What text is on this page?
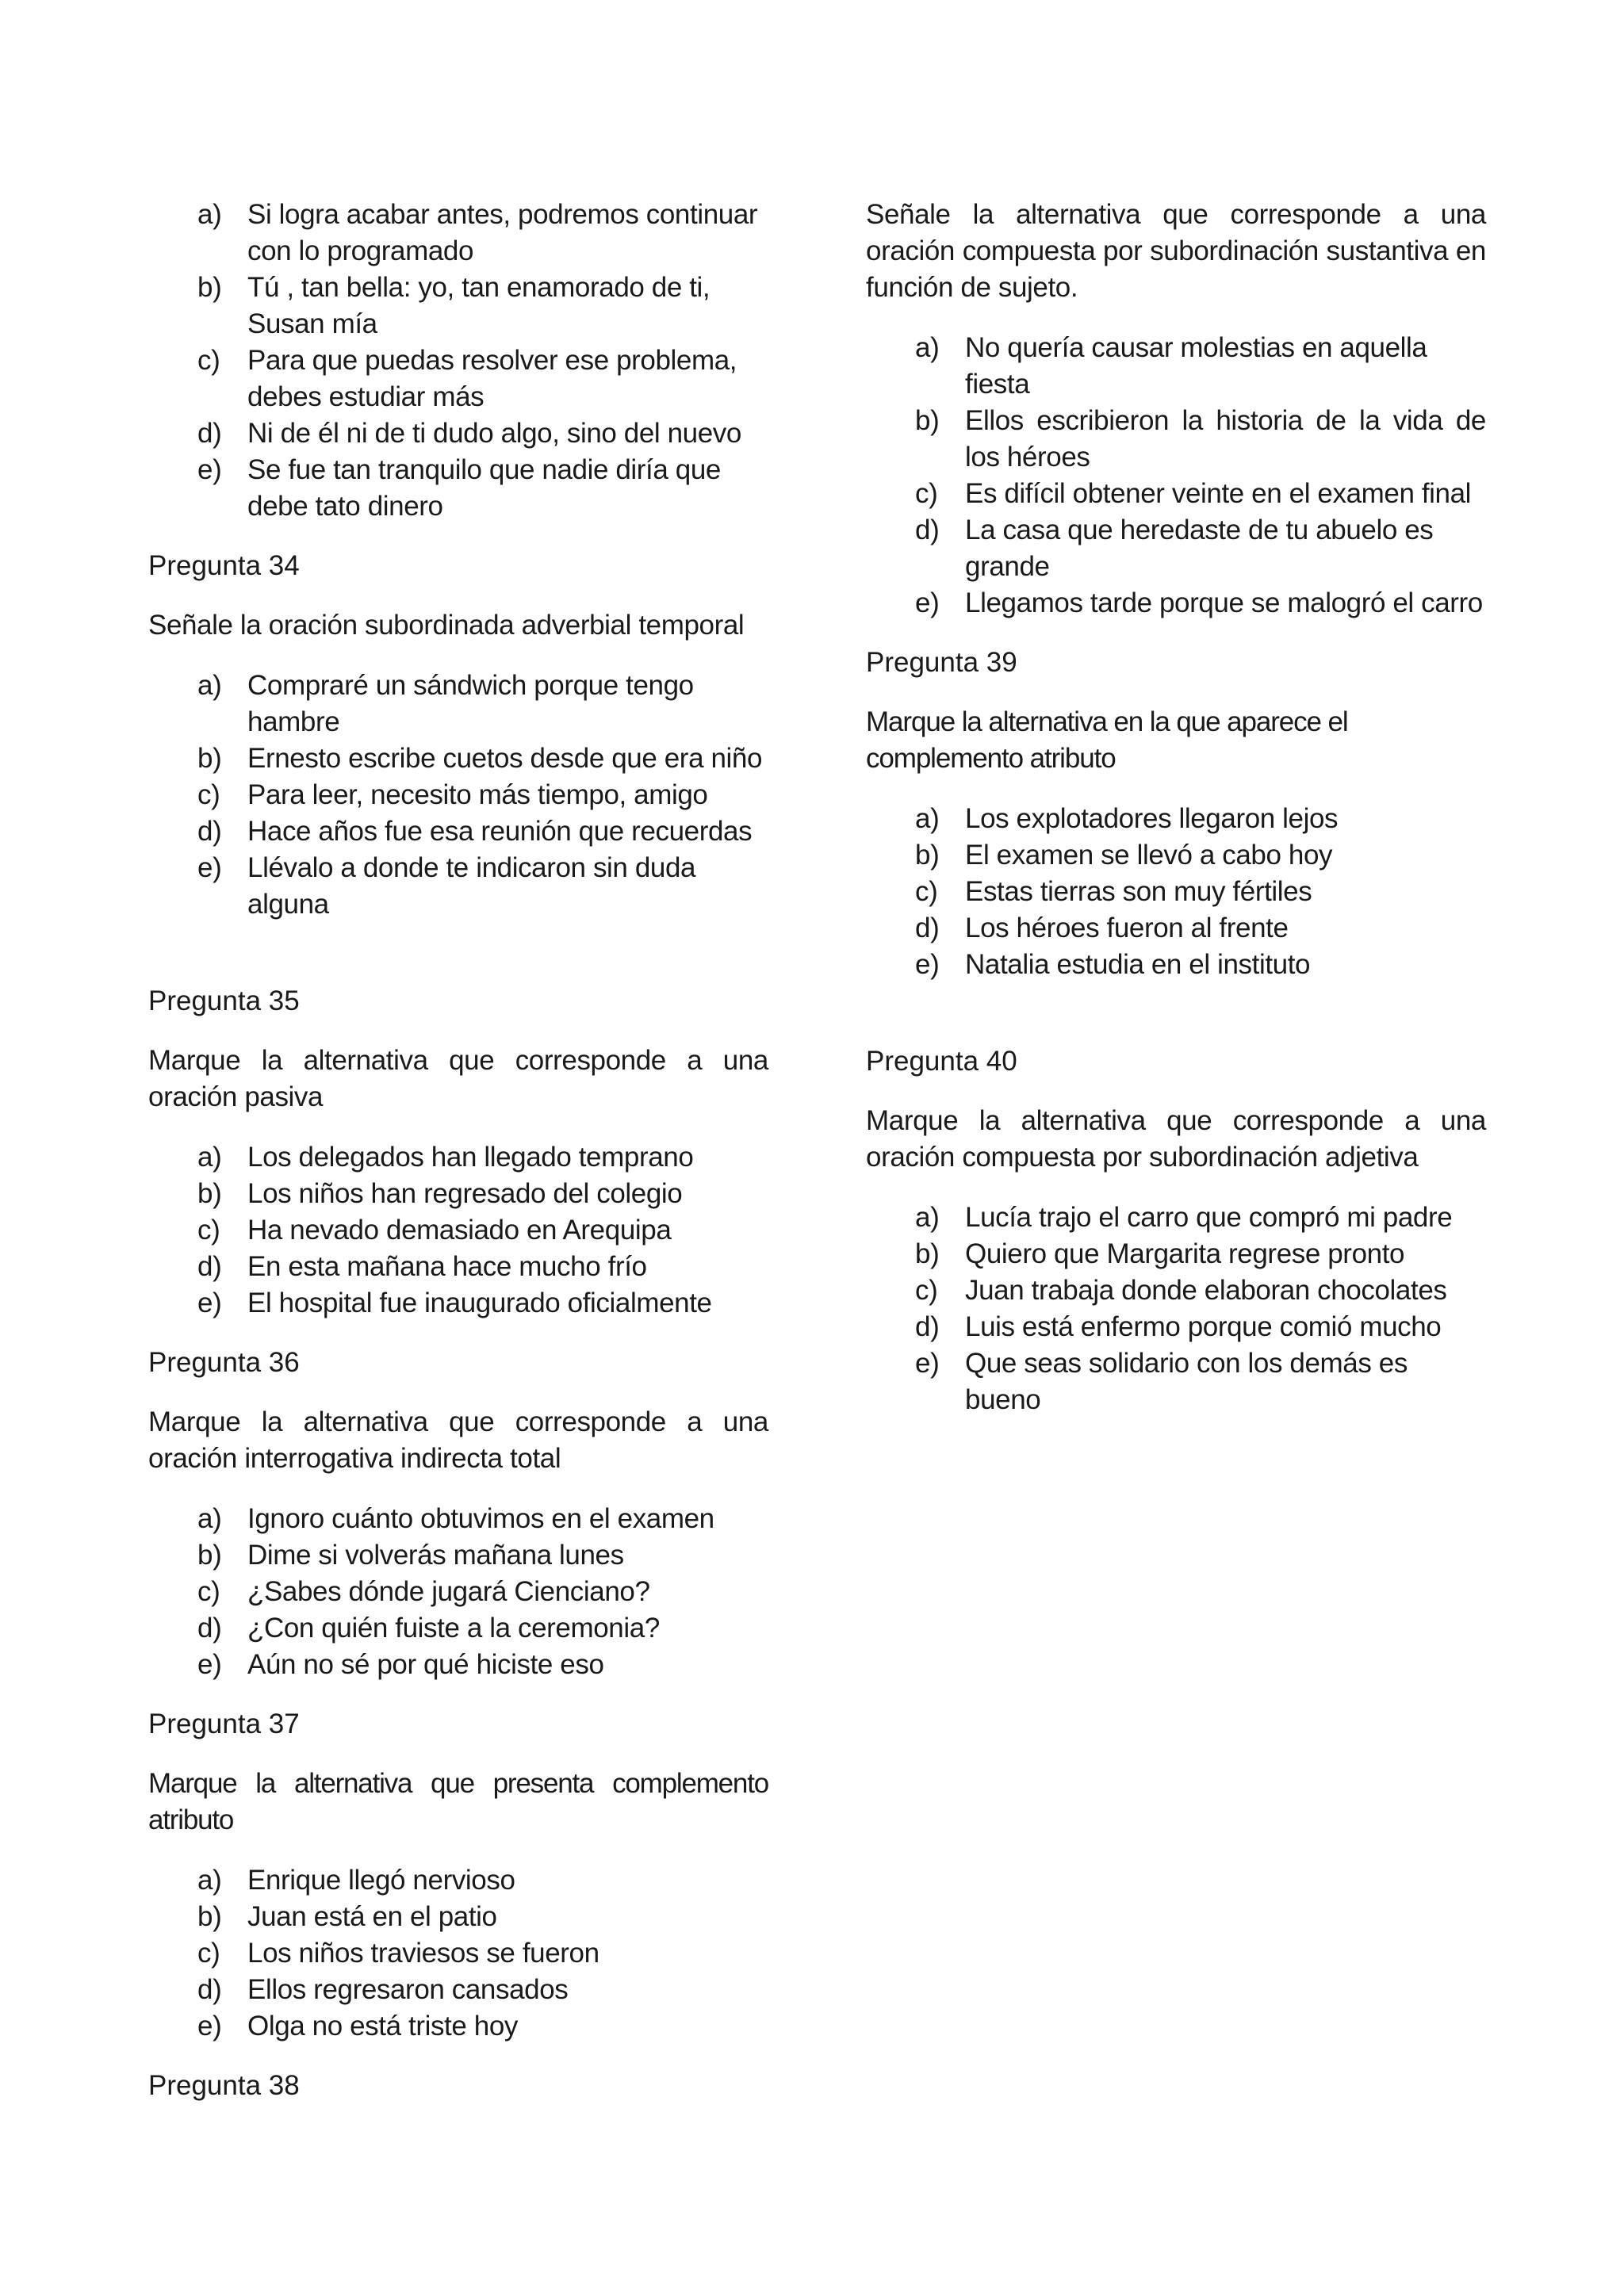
a) Si logra acabar antes, podremos continuar con lo programado
b) Tú , tan bella: yo, tan enamorado de ti, Susan mía
c) Para que puedas resolver ese problema, debes estudiar más
d) Ni de él ni de ti dudo algo, sino del nuevo
e) Se fue tan tranquilo que nadie diría que debe tato dinero

Pregunta 34

Señale la oración subordinada adverbial temporal

a) Compraré un sándwich porque tengo hambre
b) Ernesto escribe cuetos desde que era niño
c) Para leer, necesito más tiempo, amigo
d) Hace años fue esa reunión que recuerdas
e) Llévalo a donde te indicaron sin duda alguna

Pregunta 35

Marque la alternativa que corresponde a una oración pasiva

a) Los delegados han llegado temprano
b) Los niños han regresado del colegio
c) Ha nevado demasiado en Arequipa
d) En esta mañana hace mucho frío
e) El hospital fue inaugurado oficialmente

Pregunta 36

Marque la alternativa que corresponde a una oración interrogativa indirecta total

a) Ignoro cuánto obtuvimos en el examen
b) Dime si volverás mañana lunes
c) ¿Sabes dónde jugará Cienciano?
d) ¿Con quién fuiste a la ceremonia?
e) Aún no sé por qué hiciste eso

Pregunta 37

Marque la alternativa que presenta complemento atributo

a) Enrique llegó nervioso
b) Juan está en el patio
c) Los niños traviesos se fueron
d) Ellos regresaron cansados
e) Olga no está triste hoy

Pregunta 38

Señale la alternativa que corresponde a una oración compuesta por subordinación sustantiva en función de sujeto.

a) No quería causar molestias en aquella fiesta
b) Ellos escribieron la historia de la vida de los héroes
c) Es difícil obtener veinte en el examen final
d) La casa que heredaste de tu abuelo es grande
e) Llegamos tarde porque se malogró el carro

Pregunta 39

Marque la alternativa en la que aparece el complemento atributo

a) Los explotadores llegaron lejos
b) El examen se llevó a cabo hoy
c) Estas tierras son muy fértiles
d) Los héroes fueron al frente
e) Natalia estudia en el instituto

Pregunta 40

Marque la alternativa que corresponde a una oración compuesta por subordinación adjetiva

a) Lucía trajo el carro que compró mi padre
b) Quiero que Margarita regrese pronto
c) Juan trabaja donde elaboran chocolates
d) Luis está enfermo porque comió mucho
e) Que seas solidario con los demás es bueno
